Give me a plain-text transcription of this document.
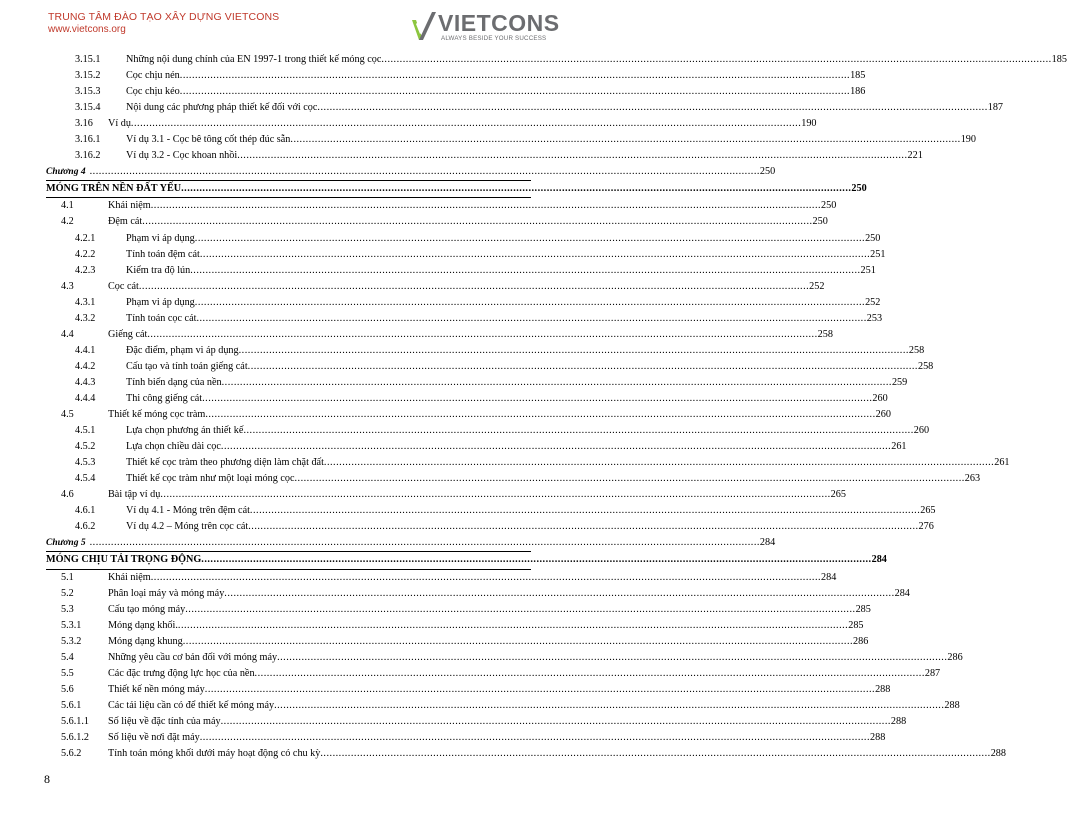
TRUNG TÂM ĐÀO TẠO XÂY DỰNG VIETCONS
www.vietcons.org	VIETCONS
ALWAYS BESIDE YOUR SUCCESS
3.15.1	Những nội dung chính của EN 1997-1 trong thiết kế móng cọc ............................................................................................................................................................................................................................ 185
3.15.2	Cọc chịu nén ............................................................................................................................................................................................................................ 185
3.15.3	Cọc chịu kéo ............................................................................................................................................................................................................................ 186
3.15.4	Nội dung các phương pháp thiết kế đối với cọc ............................................................................................................................................................................................................................ 187
3.16 Ví dụ ............................................................................................................................................................................................................................ 190
3.16.1	Ví dụ 3.1 - Cọc bê tông cốt thép đúc sẵn ............................................................................................................................................................................................................................ 190
3.16.2	Ví dụ 3.2 - Cọc khoan nhồi ............................................................................................................................................................................................................................ 221
Chương 4 ............................................................................................................................................................................................................................ 250
MÓNG TRÊN NỀN ĐẤT YẾU ............................................................................................................................................................................................................................ 250
4.1	Khái niệm ............................................................................................................................................................................................................................ 250
4.2	Đệm cát ............................................................................................................................................................................................................................ 250
4.2.1	Phạm vi áp dụng ............................................................................................................................................................................................................................ 250
4.2.2	Tính toán đệm cát ............................................................................................................................................................................................................................ 251
4.2.3	Kiểm tra độ lún ............................................................................................................................................................................................................................ 251
4.3	Cọc cát ............................................................................................................................................................................................................................ 252
4.3.1	Phạm vi áp dụng ............................................................................................................................................................................................................................ 252
4.3.2	Tính toán cọc cát ............................................................................................................................................................................................................................ 253
4.4	Giếng cát ............................................................................................................................................................................................................................ 258
4.4.1	Đặc điểm, phạm vi áp dụng ............................................................................................................................................................................................................................ 258
4.4.2	Cấu tạo và tính toán giếng cát ............................................................................................................................................................................................................................ 258
4.4.3	Tính biến dạng của nền ............................................................................................................................................................................................................................ 259
4.4.4	Thi công giếng cát ............................................................................................................................................................................................................................ 260
4.5	Thiết kế móng cọc tràm ............................................................................................................................................................................................................................ 260
4.5.1	Lựa chọn phương án thiết kế ............................................................................................................................................................................................................................ 260
4.5.2	Lựa chọn chiều dài cọc ............................................................................................................................................................................................................................ 261
4.5.3	Thiết kế cọc tràm theo phương diện làm chặt đất ............................................................................................................................................................................................................................ 261
4.5.4	Thiết kế cọc tràm như một loại móng cọc ............................................................................................................................................................................................................................ 263
4.6	Bài tập ví dụ ............................................................................................................................................................................................................................ 265
4.6.1	Ví dụ 4.1 - Móng trên đệm cát ............................................................................................................................................................................................................................ 265
4.6.2	Ví dụ 4.2 – Móng trên cọc cát ............................................................................................................................................................................................................................ 276
Chương 5 ............................................................................................................................................................................................................................ 284
MÓNG CHỊU TẢI TRỌNG ĐỘNG ............................................................................................................................................................................................................................ 284
5.1	Khái niệm ............................................................................................................................................................................................................................ 284
5.2	Phân loại máy và móng máy ............................................................................................................................................................................................................................ 284
5.3	Cấu tạo móng máy ............................................................................................................................................................................................................................ 285
5.3.1	Móng dạng khối. ............................................................................................................................................................................................................................ 285
5.3.2	Móng dạng khung ............................................................................................................................................................................................................................ 286
5.4	Những yêu cầu cơ bản đối với móng máy ............................................................................................................................................................................................................................ 286
5.5	Các đặc trưng động lực học của nền ............................................................................................................................................................................................................................ 287
5.6	Thiết kế nền móng máy ............................................................................................................................................................................................................................ 288
5.6.1	Các tải liệu cần có để thiết kế móng máy ............................................................................................................................................................................................................................ 288
5.6.1.1 Số liệu về đặc tính của máy ............................................................................................................................................................................................................................ 288
5.6.1.2 Số liệu về nơi đặt máy ............................................................................................................................................................................................................................ 288
5.6.2	Tính toán móng khối dưới máy hoạt động có chu kỳ ............................................................................................................................................................................................................................ 288
8
